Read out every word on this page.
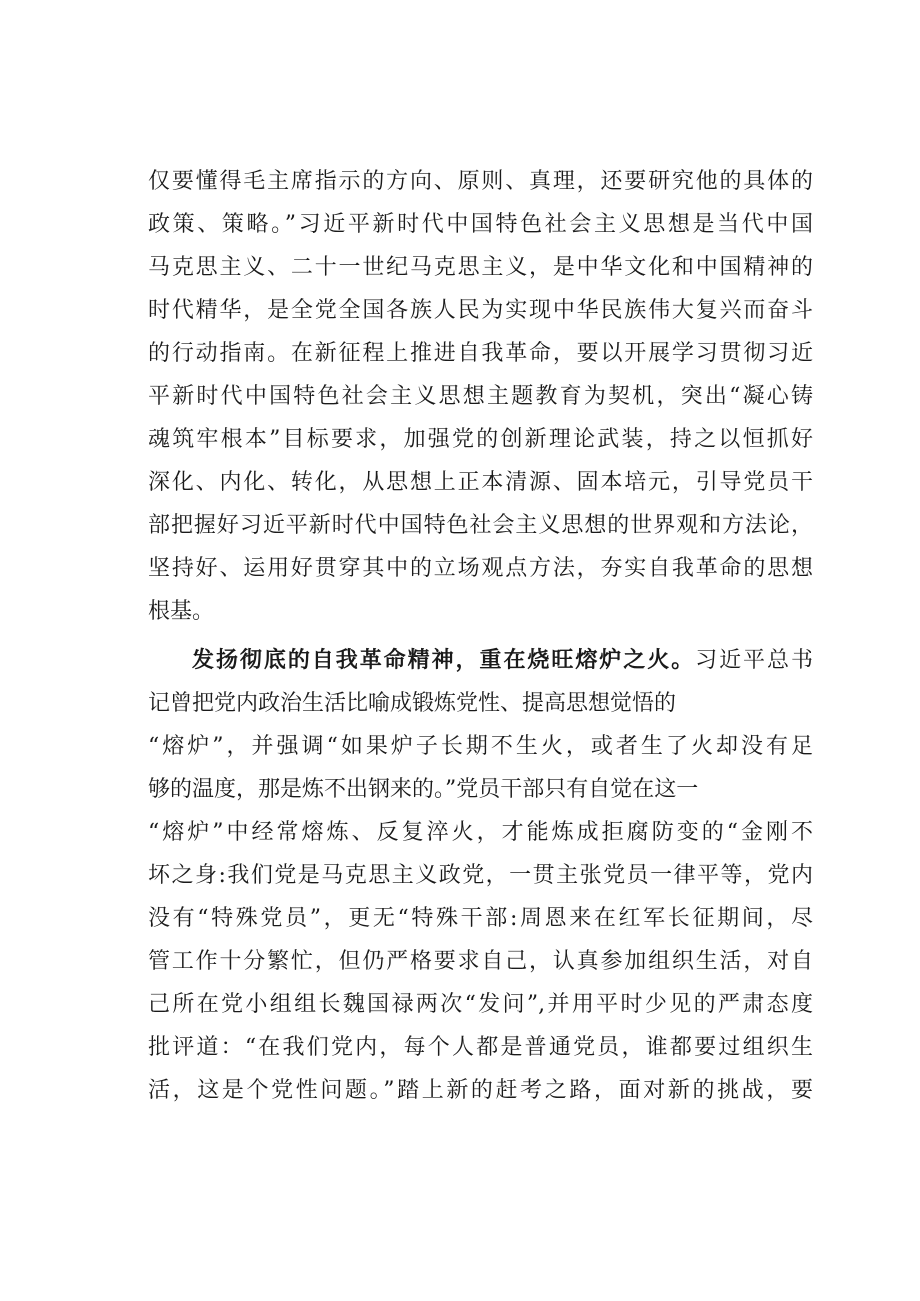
仅要懂得毛主席指示的方向、原则、真理，还要研究他的具体的
政策、策略。”习近平新时代中国特色社会主义思想是当代中国
马克思主义、二十一世纪马克思主义，是中华文化和中国精神的
时代精华，是全党全国各族人民为实现中华民族伟大复兴而奋斗
的行动指南。在新征程上推进自我革命，要以开展学习贯彻习近
平新时代中国特色社会主义思想主题教育为契机，突出“凝心铸
魂筑牢根本”目标要求，加强党的创新理论武装，持之以恒抓好
深化、内化、转化，从思想上正本清源、固本培元，引导党员干
部把握好习近平新时代中国特色社会主义思想的世界观和方法论，
坚持好、运用好贯穿其中的立场观点方法，夯实自我革命的思想
根基。
发扬彻底的自我革命精神，重在烧旺熔炉之火。习近平总书
记曾把党内政治生活比喻成锻炼党性、提高思想觉悟的
“熔炉”，并强调“如果炉子长期不生火，或者生了火却没有足
够的温度，那是炼不出钢来的。”党员干部只有自觉在这一
“熔炉”中经常熔炼、反复淬火，才能炼成拒腐防变的“金刚不
坏之身:我们党是马克思主义政党，一贯主张党员一律平等，党内
没有“特殊党员”，更无“特殊干部:周恩来在红军长征期间，尽
管工作十分繁忙，但仍严格要求自己，认真参加组织生活，对自
己所在党小组组长魏国禄两次“发问”,并用平时少见的严肃态度
批评道：“在我们党内，每个人都是普通党员，谁都要过组织生
活，这是个党性问题。”踏上新的赶考之路，面对新的挑战，要
